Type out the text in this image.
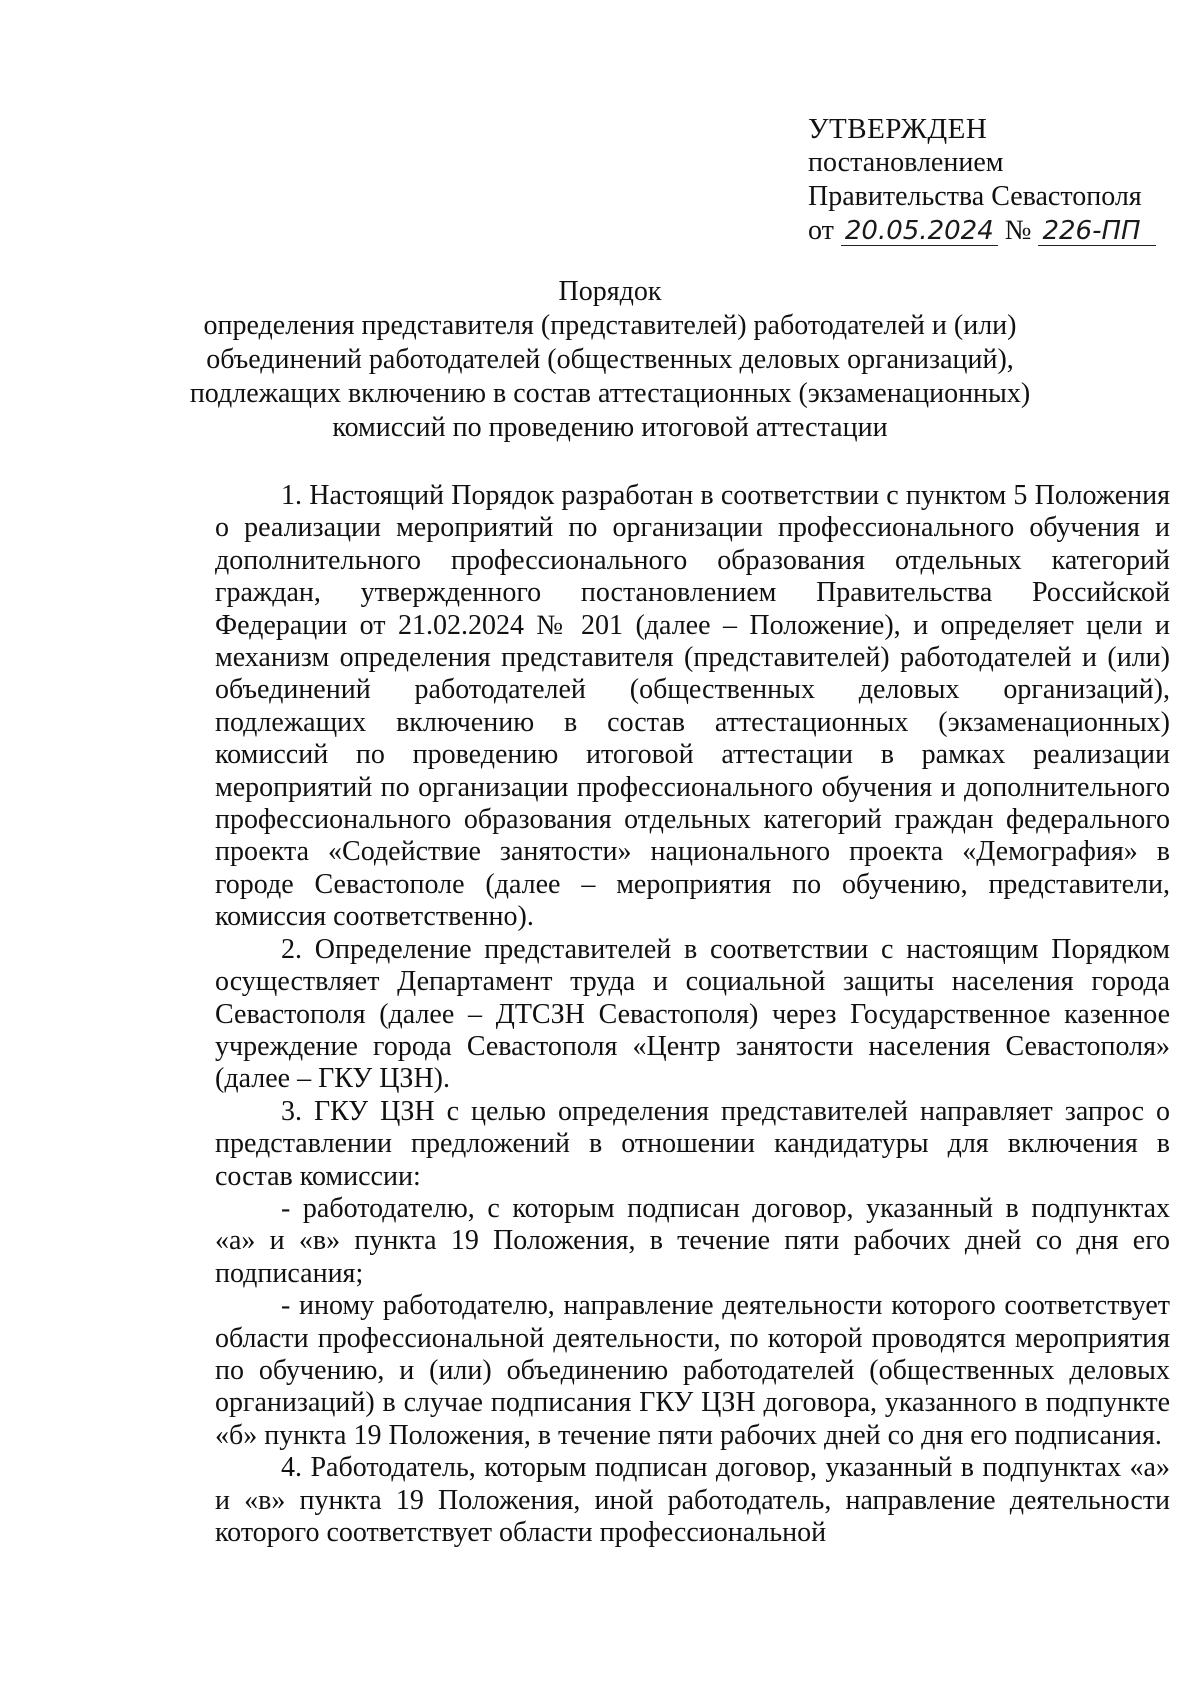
УТВЕРЖДЕН
постановлением
Правительства Севастополя
от 20.05.2024 № 226-ПП
Порядок
определения представителя (представителей) работодателей и (или)
объединений работодателей (общественных деловых организаций),
подлежащих включению в состав аттестационных (экзаменационных)
комиссий по проведению итоговой аттестации

1. Настоящий Порядок разработан в соответствии с пунктом 5 Положения о реализации мероприятий по организации профессионального обучения и дополнительного профессионального образования отдельных категорий граждан, утвержденного постановлением Правительства Российской Федерации от 21.02.2024 № 201 (далее – Положение), и определяет цели и механизм определения представителя (представителей) работодателей и (или) объединений работодателей (общественных деловых организаций), подлежащих включению в состав аттестационных (экзаменационных) комиссий по проведению итоговой аттестации в рамках реализации мероприятий по организации профессионального обучения и дополнительного профессионального образования отдельных категорий граждан федерального проекта «Содействие занятости» национального проекта «Демография» в городе Севастополе (далее – мероприятия по обучению, представители, комиссия соответственно).

2. Определение представителей в соответствии с настоящим Порядком осуществляет Департамент труда и социальной защиты населения города Севастополя (далее – ДТСЗН Севастополя) через Государственное казенное учреждение города Севастополя «Центр занятости населения Севастополя» (далее – ГКУ ЦЗН).

3. ГКУ ЦЗН с целью определения представителей направляет запрос о представлении предложений в отношении кандидатуры для включения в состав комиссии:

- работодателю, с которым подписан договор, указанный в подпунктах «а» и «в» пункта 19 Положения, в течение пяти рабочих дней со дня его подписания;

- иному работодателю, направление деятельности которого соответствует области профессиональной деятельности, по которой проводятся мероприятия по обучению, и (или) объединению работодателей (общественных деловых организаций) в случае подписания ГКУ ЦЗН договора, указанного в подпункте «б» пункта 19 Положения, в течение пяти рабочих дней со дня его подписания.

4. Работодатель, которым подписан договор, указанный в подпунктах «а» и «в» пункта 19 Положения, иной работодатель, направление деятельности которого соответствует области профессиональной
